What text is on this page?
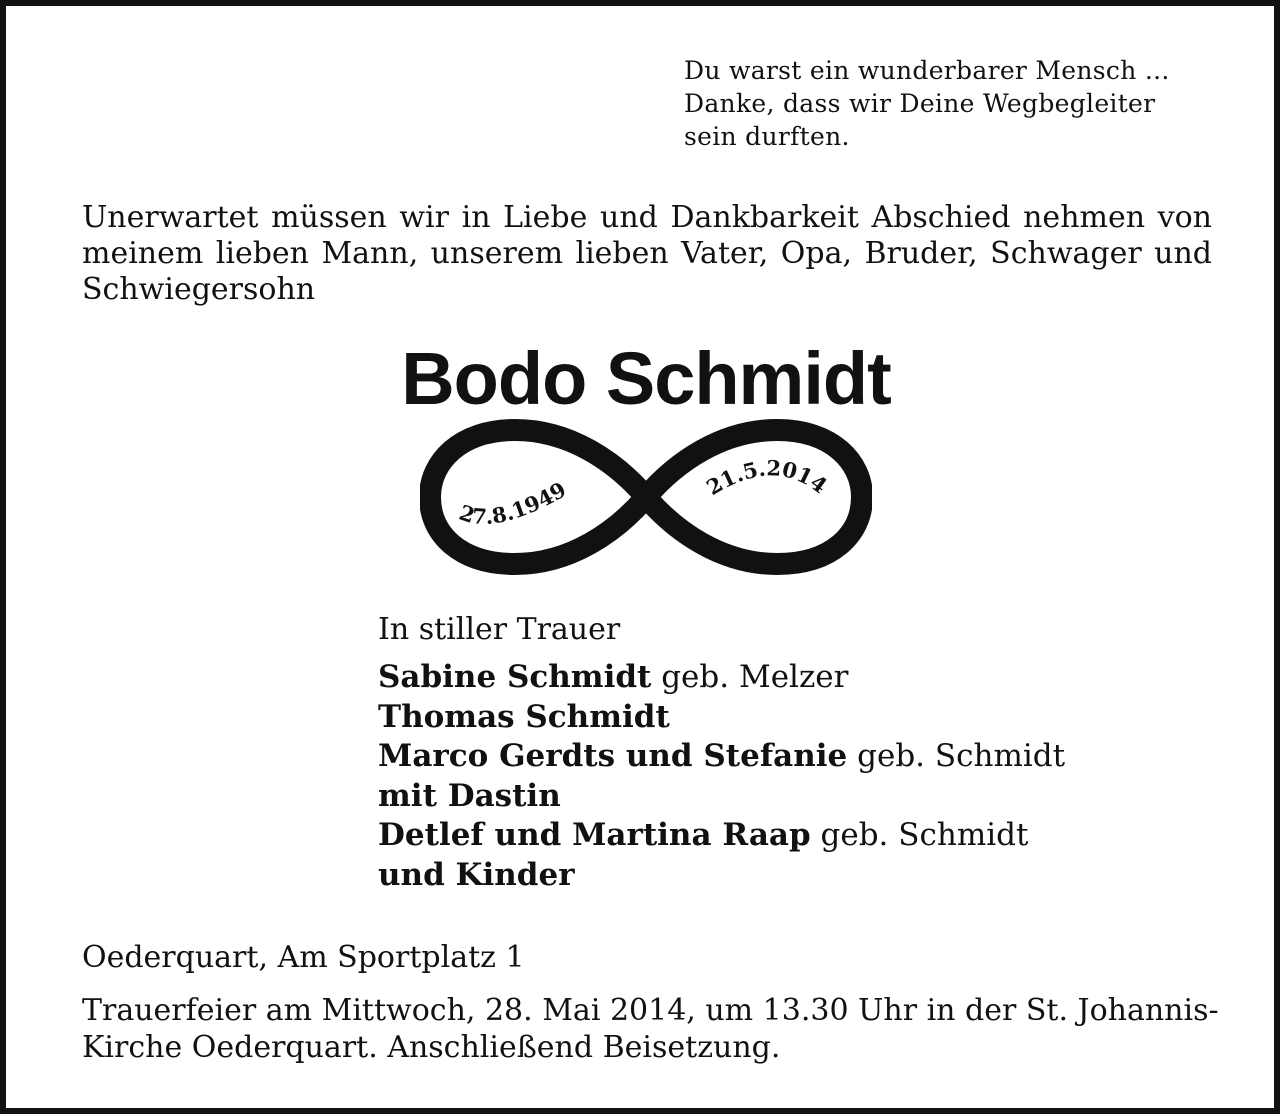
Du warst ein wunderbarer Mensch ...
Danke, dass wir Deine Wegbegleiter
sein durften.
Unerwartet müssen wir in Liebe und Dankbarkeit Abschied nehmen von
meinem lieben Mann, unserem lieben Vater, Opa, Bruder, Schwager und
Schwiegersohn
Bodo Schmidt
27.8.1949	21.5.2014
In stiller Trauer
Sabine Schmidt geb. Melzer
Thomas Schmidt
Marco Gerdts und Stefanie geb. Schmidt
mit Dastin
Detlef und Martina Raap geb. Schmidt
und Kinder
Oederquart, Am Sportplatz 1
Trauerfeier am Mittwoch, 28. Mai 2014, um 13.30 Uhr in der St. Johannis-
Kirche Oederquart. Anschließend Beisetzung.
